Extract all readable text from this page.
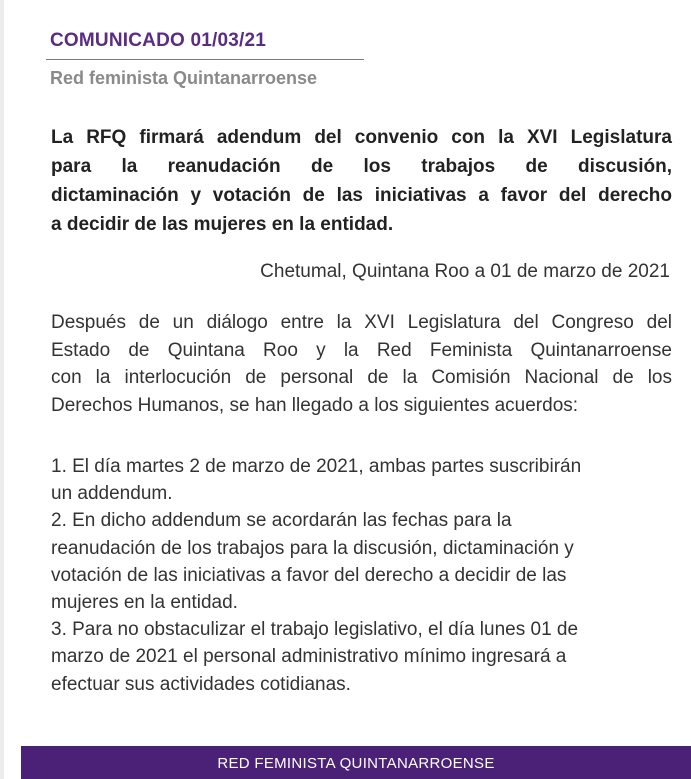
COMUNICADO 01/03/21
Red feminista Quintanarroense
La RFQ firmará adendum del convenio con la XVI Legislatura
para la reanudación de los trabajos de discusión,
dictaminación y votación de las iniciativas a favor del derecho
a decidir de las mujeres en la entidad.
Chetumal, Quintana Roo a 01 de marzo de 2021
Después de un diálogo entre la XVI Legislatura del Congreso del
Estado de Quintana Roo y la Red Feminista Quintanarroense
con la interlocución de personal de la Comisión Nacional de los
Derechos Humanos, se han llegado a los siguientes acuerdos:
1. El día martes 2 de marzo de 2021, ambas partes suscribirán
un addendum.
2. En dicho addendum se acordarán las fechas para la
reanudación de los trabajos para la discusión, dictaminación y
votación de las iniciativas a favor del derecho a decidir de las
mujeres en la entidad.
3. Para no obstaculizar el trabajo legislativo, el día lunes 01 de
marzo de 2021 el personal administrativo mínimo ingresará a
efectuar sus actividades cotidianas.
RED FEMINISTA QUINTANARROENSE
